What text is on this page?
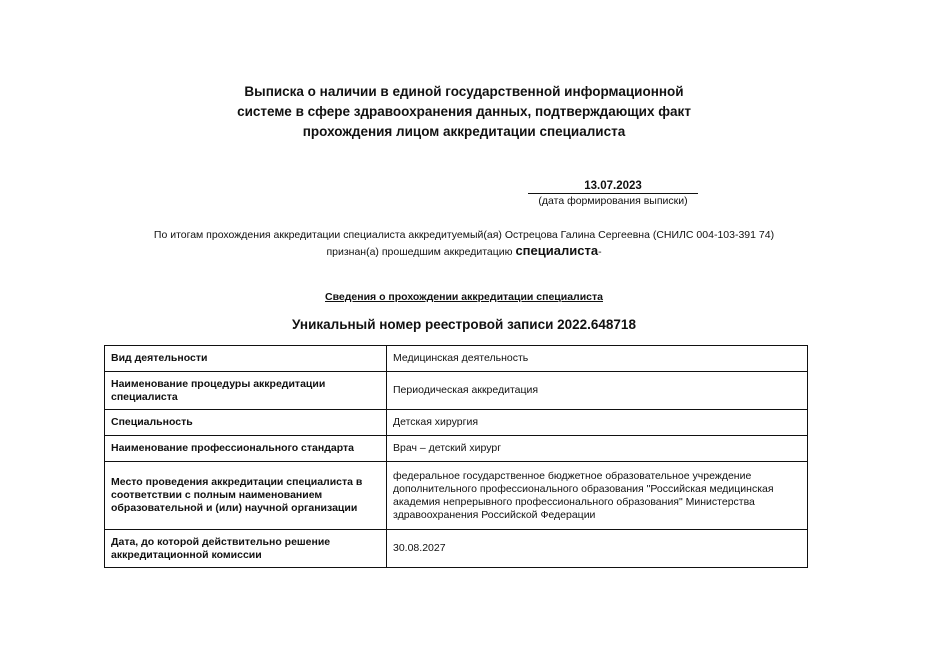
Выписка о наличии в единой государственной информационной
системе в сфере здравоохранения данных, подтверждающих факт
прохождения лицом аккредитации специалиста
13.07.2023
(дата формирования выписки)
По итогам прохождения аккредитации специалиста аккредитуемый(ая) Острецова Галина Сергеевна (СНИЛС 004-103-391 74)
признан(а) прошедшим аккредитацию специалиста-
Сведения о прохождении аккредитации специалиста
Уникальный номер реестровой записи 2022.648718
Вид деятельности	Медицинская деятельность
Наименование процедуры аккредитации специалиста	Периодическая аккредитация
Специальность	Детская хирургия
Наименование профессионального стандарта	Врач – детский хирург
Место проведения аккредитации специалиста в соответствии с полным наименованием образовательной и (или) научной организации	федеральное государственное бюджетное образовательное учреждение дополнительного профессионального образования "Российская медицинская академия непрерывного профессионального образования" Министерства здравоохранения Российской Федерации
Дата, до которой действительно решение аккредитационной комиссии	30.08.2027
